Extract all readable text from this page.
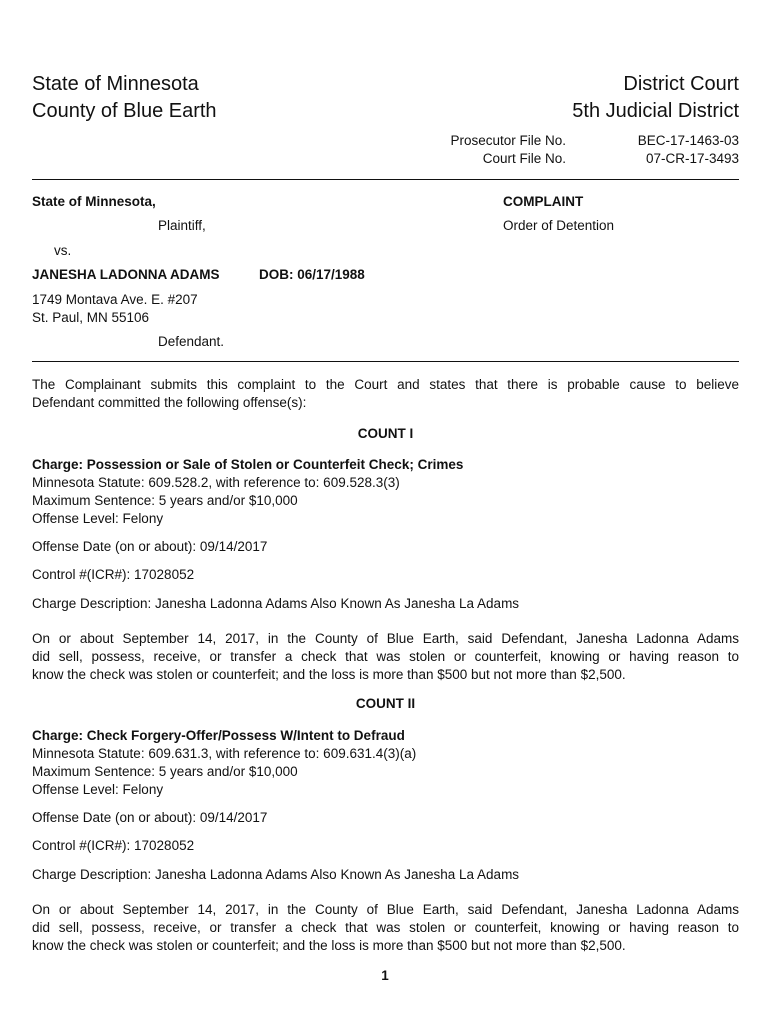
State of Minnesota
County of Blue Earth
District Court
5th Judicial District
Prosecutor File No.	BEC-17-1463-03
Court File No.	07-CR-17-3493
State of Minnesota,
Plaintiff,
vs.
JANESHA LADONNA ADAMS	DOB: 06/17/1988
1749 Montava Ave. E. #207
St. Paul, MN 55106
Defendant.
COMPLAINT
Order of Detention
The Complainant submits this complaint to the Court and states that there is probable cause to believe
Defendant committed the following offense(s):
COUNT I
Charge: Possession or Sale of Stolen or Counterfeit Check; Crimes
Minnesota Statute: 609.528.2, with reference to: 609.528.3(3)
Maximum Sentence: 5 years and/or $10,000
Offense Level: Felony
Offense Date (on or about): 09/14/2017
Control #(ICR#): 17028052
Charge Description: Janesha Ladonna Adams Also Known As Janesha La Adams
On or about September 14, 2017, in the County of Blue Earth, said Defendant, Janesha Ladonna Adams
did sell, possess, receive, or transfer a check that was stolen or counterfeit, knowing or having reason to
know the check was stolen or counterfeit; and the loss is more than $500 but not more than $2,500.
COUNT II
Charge: Check Forgery-Offer/Possess W/Intent to Defraud
Minnesota Statute: 609.631.3, with reference to: 609.631.4(3)(a)
Maximum Sentence: 5 years and/or $10,000
Offense Level: Felony
Offense Date (on or about): 09/14/2017
Control #(ICR#): 17028052
Charge Description: Janesha Ladonna Adams Also Known As Janesha La Adams
On or about September 14, 2017, in the County of Blue Earth, said Defendant, Janesha Ladonna Adams
did sell, possess, receive, or transfer a check that was stolen or counterfeit, knowing or having reason to
know the check was stolen or counterfeit; and the loss is more than $500 but not more than $2,500.
1
